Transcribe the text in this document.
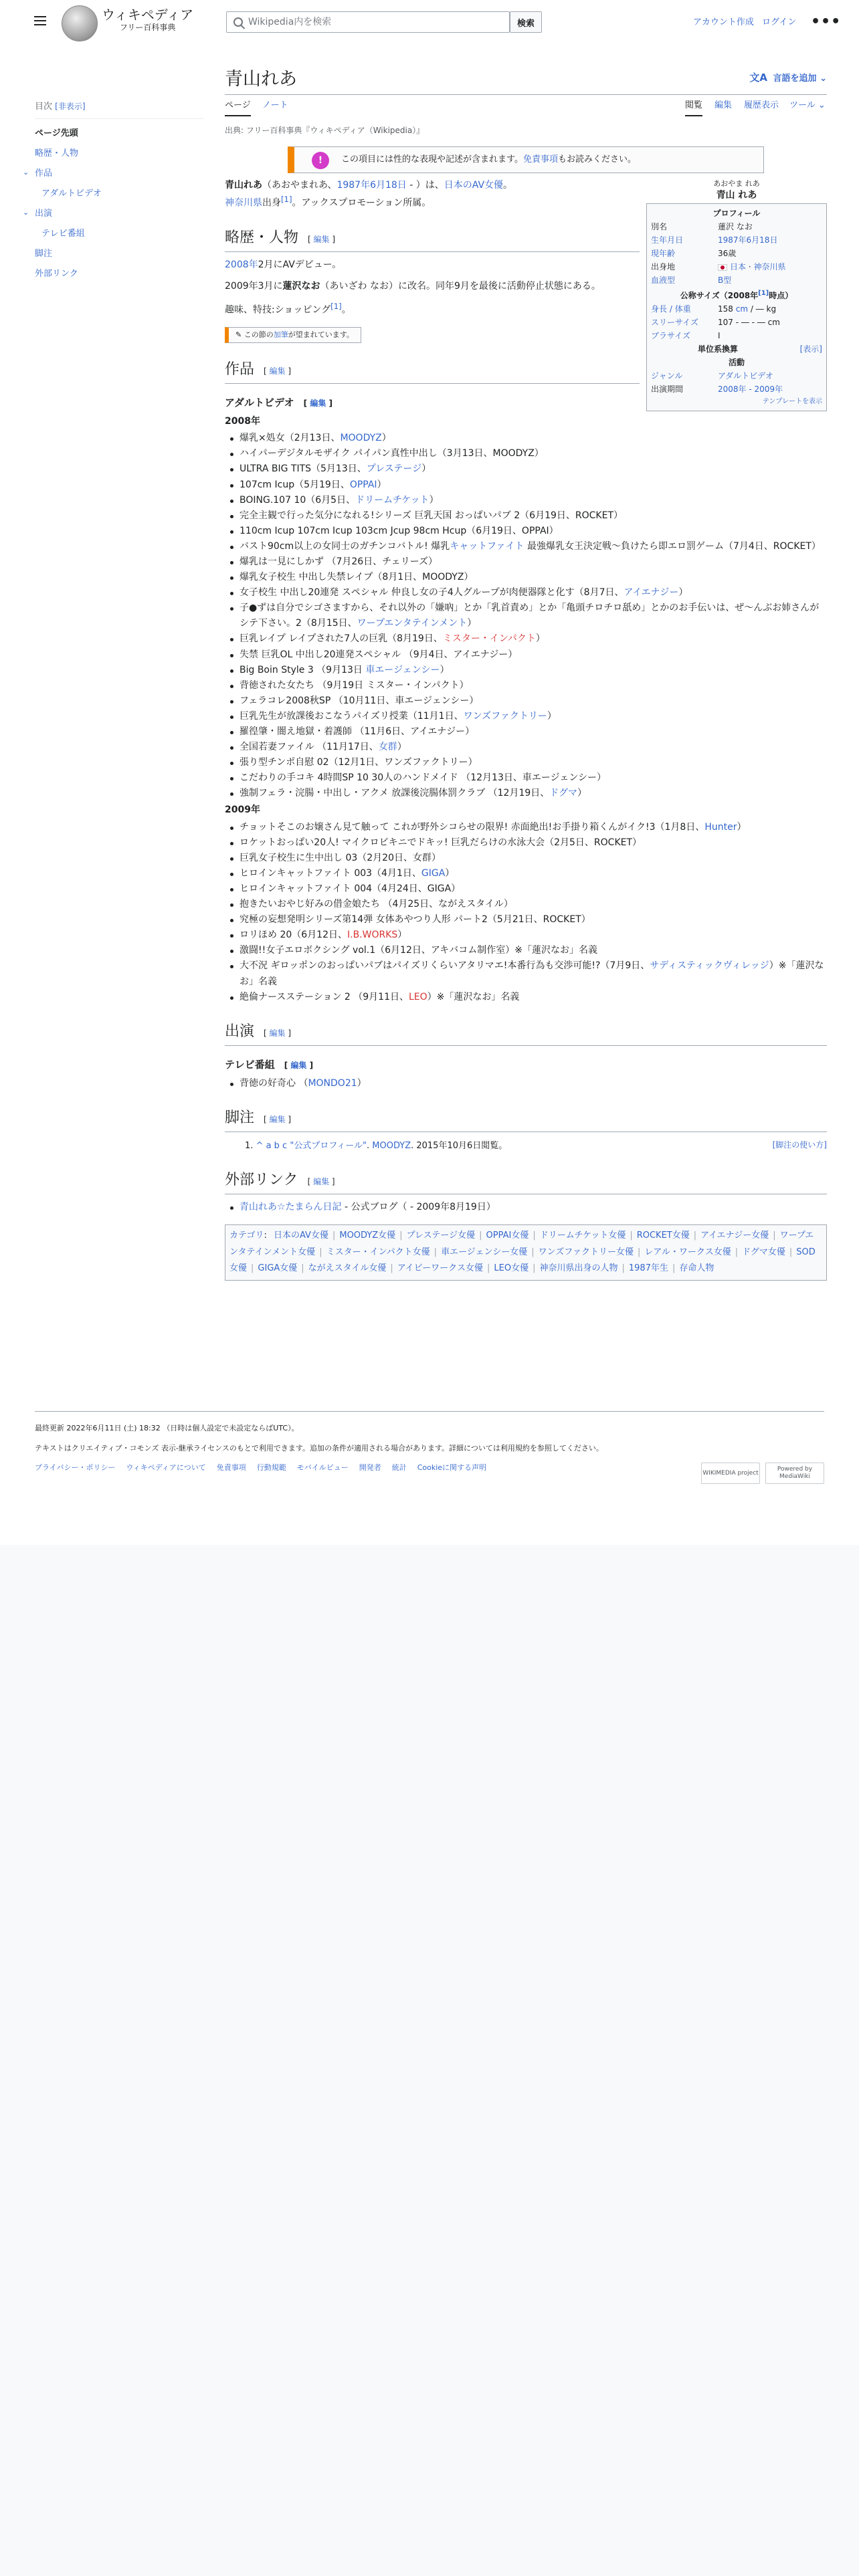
ウィキペディア
フリー百科事典
Wikipedia内を検索	検索	アカウント作成 ログイン •••
目次 [非表示]
ページ先頭
略歴・人物
⌄ 作品
アダルトビデオ
⌄ 出演
テレビ番組
脚注
外部リンク
青山れあ	文A 言語を追加 ⌄
ページ ノート	閲覧 編集 履歴表示 ツール ⌄
出典: フリー百科事典『ウィキペディア（Wikipedia）』
!	この項目には性的な表現や記述が含まれます。 免責事項 もお読みください。

青山れあ（あおやまれあ、1987年6月18日 - ）は、日本のAV女優。
神奈川県出身[1]。アックスプロモーション所属。

略歴・人物 [ 編集 ]

2008年2月にAVデビュー。

2009年3月に蓮沢なお（あいざわ なお）に改名。同年9月を最後に活動停止状態にある。

趣味、特技:ショッピング[1]。

✎ この節の 加筆 が望まれています。
作品 [ 編集 ]
アダルトビデオ [ 編集 ]
2008年
爆乳×処女（2月13日、MOODYZ）
ハイパーデジタルモザイク パイパン真性中出し（3月13日、MOODYZ）
ULTRA BIG TITS（5月13日、プレステージ）
107cm Icup（5月19日、OPPAI）
BOING.107 10（6月5日、ドリームチケット）
完全主観で行った気分になれる!シリーズ 巨乳天国 おっぱいパブ 2（6月19日、ROCKET）
110cm Icup 107cm Icup 103cm Jcup 98cm Hcup（6月19日、OPPAI）
バスト90cm以上の女同士のガチンコバトル! 爆乳キャットファイト 最強爆乳女王決定戦〜負けたら即エロ罰ゲーム（7月4日、ROCKET）
爆乳は一見にしかず （7月26日、チェリーズ）
爆乳女子校生 中出し失禁レイプ（8月1日、MOODYZ）
女子校生 中出し20連発 スペシャル 仲良し女の子4人グループが肉便器隊と化す（8月7日、アイエナジー）
子●ずは自分でシゴさますから、それ以外の「嫌吶」とか「乳首責め」とか「亀頭チロチロ舐め」とかのお手伝いは、ぜ〜んぶお姉さんがシテ下さい。2（8月15日、ワープエンタテインメント）
巨乳レイプ レイプされた7人の巨乳（8月19日、ミスター・インパクト）
失禁 巨乳OL 中出し20連発スペシャル （9月4日、アイエナジー）
Big Boin Style 3 （9月13日 車エージェンシー）
背徳された女たち （9月19日 ミスター・インパクト）
フェラコレ2008秋SP （10月11日、車エージェンシー）
巨乳先生が放課後おこなうパイズリ授業（11月1日、ワンズファクトリー）
羅徨肇・闇え地獄・着護師 （11月6日、アイエナジー）
全国若妻ファイル （11月17日、女群）
張り型チンポ自慰 02（12月1日、ワンズファクトリー）
こだわりの手コキ 4時間SP 10 30人のハンドメイド （12月13日、車エージェンシー）
強制フェラ・浣腸・中出し・アクメ 放課後浣腸体罰クラブ （12月19日、ドグマ）
2009年
チョットそこのお嬢さん見て触って これが野外シコらせの限界! 赤面絶出!お手掛り箱くんがイク!3（1月8日、Hunter）
ロケットおっぱい20人! マイクロビキニでドキッ! 巨乳だらけの水泳大会（2月5日、ROCKET）
巨乳女子校生に生中出し 03（2月20日、女群）
ヒロインキャットファイト 003（4月1日、GIGA）
ヒロインキャットファイト 004（4月24日、GIGA）
抱きたいおやじ好みの借金娘たち （4月25日、ながえスタイル）
究極の妄想発明シリーズ第14弾 女体あやつり人形 パート2（5月21日、ROCKET）
ロリほめ 20（6月12日、I.B.WORKS）
激闘!!女子エロボクシング vol.1（6月12日、アキバコム制作室）※「蓮沢なお」名義
大不況 ギロッポンのおっぱいパブはパイズリくらいアタリマエ!本番行為も交渉可能!?（7月9日、サディスティックヴィレッジ）※「蓮沢なお」名義
絶倫ナースステーション 2 （9月11日、LEO）※「蓮沢なお」名義
出演 [ 編集 ]
テレビ番組 [ 編集 ]
背徳の好奇心 （MONDO21）
脚注 [ 編集 ]
1. ^ a b c "公式プロフィール". MOODYZ. 2015年10月6日閲覧。	[脚注の使い方]
外部リンク [ 編集 ]
青山れあ☆たまらん日記 - 公式ブログ（ - 2009年8月19日）
カテゴリ: 日本のAV女優 | MOODYZ女優 | プレステージ女優 | OPPAI女優 | ドリームチケット女優 | ROCKET女優 | アイエナジー女優 | ワープエンタテインメント女優 | ミスター・インパクト女優 | 車エージェンシー女優 | ワンズファクトリー女優 | レアル・ワークス女優 | ドグマ女優 | SOD女優 | GIGA女優 | ながえスタイル女優 | アイビーワークス女優 | LEO女優 | 神奈川県出身の人物 | 1987年生 | 存命人物
あおやま れあ
青山 れあ
プロフィール
別名	蓮沢 なお
生年月日	1987年6月18日
現年齢	36歳
出身地	日本 · 神奈川県
血液型	B型
公称サイズ（2008年[1]時点）
身長 / 体重	158 cm / ― kg
スリーサイズ	107 - ― - ― cm
ブラサイズ	I
単位系換算	[表示]
活動
ジャンル	アダルトビデオ
出演期間	2008年 - 2009年
テンプレートを表示

最終更新 2022年6月11日 (土) 18:32 （日時は個人設定で未設定ならばUTC）。

テキストはクリエイティブ・コモンズ 表示-継承ライセンスのもとで利用できます。追加の条件が適用される場合があります。詳細については利用規約を参照してください。

プライバシー・ポリシー ウィキペディアについて 免責事項 行動規範 モバイルビュー 開発者 統計 Cookieに関する声明
WIKIMEDIA project
Powered by MediaWiki
